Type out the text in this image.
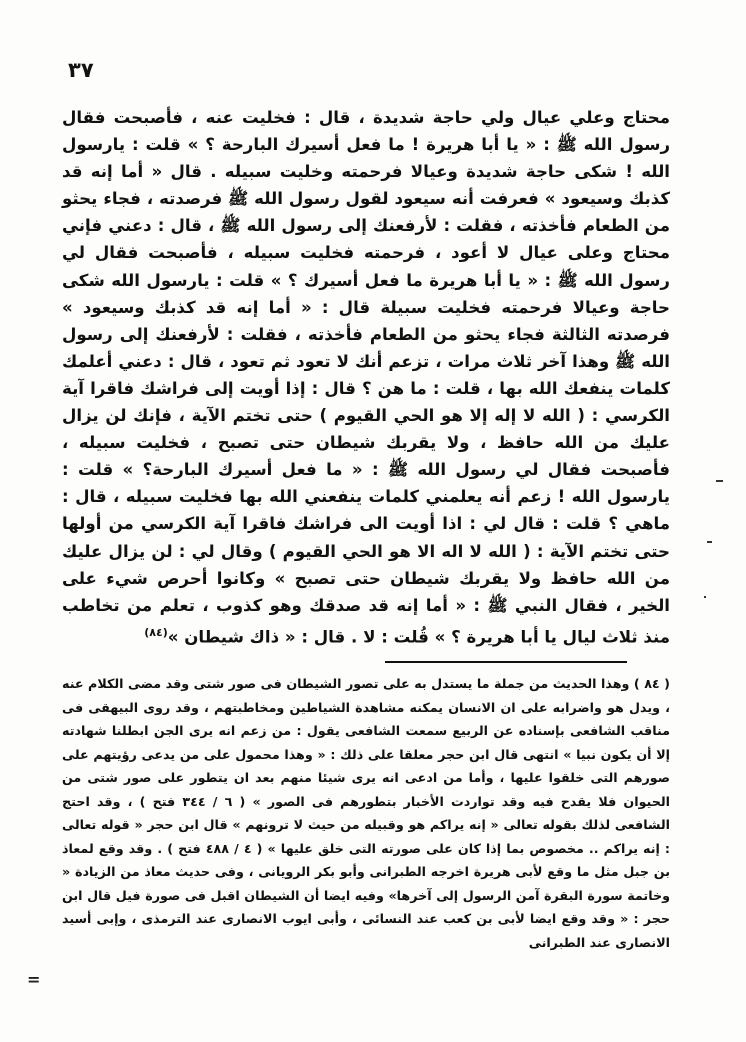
٣٧

محتاج وعلي عيال ولي حاجة شديدة ، قال : فخليت عنه ، فأصبحت فقال رسول الله ﷺ : « يا أبا هريرة ! ما فعل أسيرك البارحة ؟ » قلت : يارسول الله ! شكى حاجة شديدة وعيالا فرحمته وخليت سبيله . قال « أما إنه قد كذبك وسيعود » فعرفت أنه سيعود لقول رسول الله ﷺ فرصدته ، فجاء يحثو من الطعام فأخذته ، فقلت : لأرفعنك إلى رسول الله ﷺ ، قال : دعني فإني محتاج وعلى عيال لا أعود ، فرحمته فخليت سبيله ، فأصبحت فقال لي رسول الله ﷺ : « يا أبا هريرة ما فعل أسيرك ؟ » قلت : يارسول الله شكى حاجة وعيالا فرحمته فخليت سبيلة قال : « أما إنه قد كذبك وسيعود » فرصدته الثالثة فجاء يحثو من الطعام فأخذته ، فقلت : لأرفعنك إلى رسول الله ﷺ وهذا آخر ثلاث مرات ، تزعم أنك لا تعود ثم تعود ، قال : دعني أعلمك كلمات ينفعك الله بها ، قلت : ما هن ؟ قال : إذا أويت إلى فراشك فاقرا آية الكرسي : ( الله لا إله إلا هو الحي القيوم ) حتى تختم الآية ، فإنك لن يزال عليك من الله حافظ ، ولا يقربك شيطان حتى تصبح ، فخليت سبيله ، فأصبحت فقال لي رسول الله ﷺ : « ما فعل أسيرك البارحة؟ » قلت : يارسول الله ! زعم أنه يعلمني كلمات ينفعني الله بها فخليت سبيله ، قال : ماهي ؟ قلت : قال لي : اذا أويت الى فراشك فاقرا آية الكرسي من أولها حتى تختم الآية : ( الله لا اله الا هو الحي القيوم ) وقال لي : لن يزال عليك من الله حافظ ولا يقربك شيطان حتى تصبح » وكانوا أحرص شيء على الخير ، فقال النبي ﷺ : « أما إنه قد صدقك وهو كذوب ، تعلم من تخاطب منذ ثلاث ليال يا أبا هريرة ؟ » قُلت : لا . قال : « ذاك شيطان »$^{(٨٤)}$

( ٨٤ ) وهذا الحديث من جملة ما يستدل به على تصور الشيطان فى صور شتى وقد مضى الكلام عنه ، ويدل هو واضرابه على ان الانسان يمكنه مشاهدة الشياطين ومخاطبتهم ، وقد روى البيهقى فى مناقب الشافعى بإسناده عن الربيع سمعت الشافعى يقول : من زعم انه يرى الجن ابطلنا شهادته إلا أن يكون نبيا » انتهى قال ابن حجر معلقا على ذلك : « وهذا محمول على من يدعى رؤيتهم على صورهم التى خلقوا عليها ، وأما من ادعى انه يرى شيئا منهم بعد ان يتطور على صور شتى من الحيوان فلا يقدح فيه وقد تواردت الأخبار بتطورهم فى الصور » ( ٦ / ٣٤٤ فتح ) ، وقد احتج الشافعى لذلك بقوله تعالى « إنه يراكم هو وقبيله من حيث لا ترونهم » قال ابن حجر « قوله تعالى : إنه يراكم .. مخصوص بما إذا كان على صورته التى خلق عليها » ( ٤ / ٤٨٨ فتح ) . وقد وقع لمعاذ بن جبل مثل ما وقع لأبى هريرة اخرجه الطبرانى وأبو بكر الرويانى ، وفى حديث معاذ من الزيادة « وخاتمة سورة البقرة آمن الرسول إلى آخرها» وفيه ايضا أن الشيطان اقبل فى صورة فيل قال ابن حجر : « وقد وقع ايضا لأبى بن كعب عند النسائى ، وأبى ايوب الانصارى عند الترمذى ، وإبى أسيد الانصارى عند الطبرانى

=
